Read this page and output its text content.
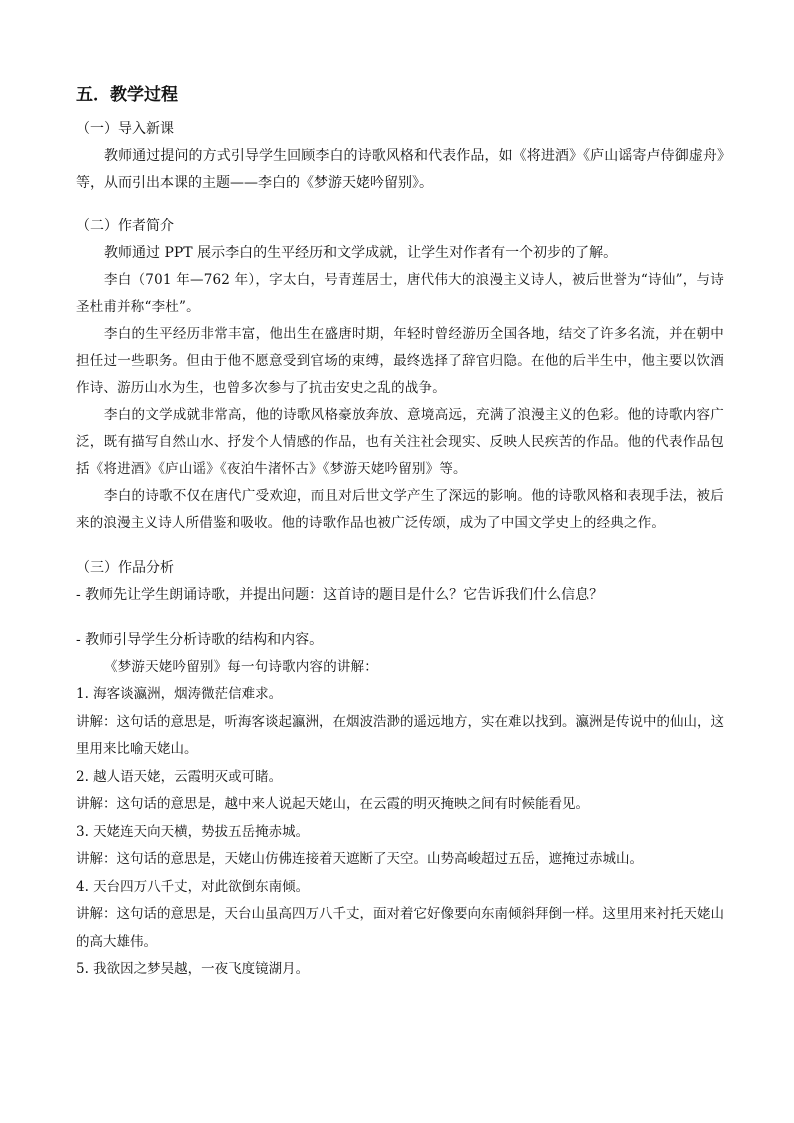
五．教学过程
（一）导入新课

教师通过提问的方式引导学生回顾李白的诗歌风格和代表作品，如《将进酒》《庐山谣寄卢侍御虚舟》等，从而引出本课的主题——李白的《梦游天姥吟留别》。

（二）作者简介

教师通过 PPT 展示李白的生平经历和文学成就，让学生对作者有一个初步的了解。

李白（701 年—762 年），字太白，号青莲居士，唐代伟大的浪漫主义诗人，被后世誉为“诗仙”，与诗圣杜甫并称“李杜”。

李白的生平经历非常丰富，他出生在盛唐时期，年轻时曾经游历全国各地，结交了许多名流，并在朝中担任过一些职务。但由于他不愿意受到官场的束缚，最终选择了辞官归隐。在他的后半生中，他主要以饮酒作诗、游历山水为生，也曾多次参与了抗击安史之乱的战争。

李白的文学成就非常高，他的诗歌风格豪放奔放、意境高远，充满了浪漫主义的色彩。他的诗歌内容广泛，既有描写自然山水、抒发个人情感的作品，也有关注社会现实、反映人民疾苦的作品。他的代表作品包括《将进酒》《庐山谣》《夜泊牛渚怀古》《梦游天姥吟留别》等。

李白的诗歌不仅在唐代广受欢迎，而且对后世文学产生了深远的影响。他的诗歌风格和表现手法，被后来的浪漫主义诗人所借鉴和吸收。他的诗歌作品也被广泛传颂，成为了中国文学史上的经典之作。

（三）作品分析
- 教师先让学生朗诵诗歌，并提出问题：这首诗的题目是什么？它告诉我们什么信息？
- 教师引导学生分析诗歌的结构和内容。

《梦游天姥吟留别》每一句诗歌内容的讲解：

1. 海客谈瀛洲，烟涛微茫信难求。
讲解：这句话的意思是，听海客谈起瀛洲，在烟波浩渺的遥远地方，实在难以找到。瀛洲是传说中的仙山，这里用来比喻天姥山。
2. 越人语天姥，云霞明灭或可睹。
讲解：这句话的意思是，越中来人说起天姥山，在云霞的明灭掩映之间有时候能看见。
3. 天姥连天向天横，势拔五岳掩赤城。
讲解：这句话的意思是，天姥山仿佛连接着天遮断了天空。山势高峻超过五岳，遮掩过赤城山。
4. 天台四万八千丈，对此欲倒东南倾。
讲解：这句话的意思是，天台山虽高四万八千丈，面对着它好像要向东南倾斜拜倒一样。这里用来衬托天姥山的高大雄伟。
5. 我欲因之梦吴越，一夜飞度镜湖月。
